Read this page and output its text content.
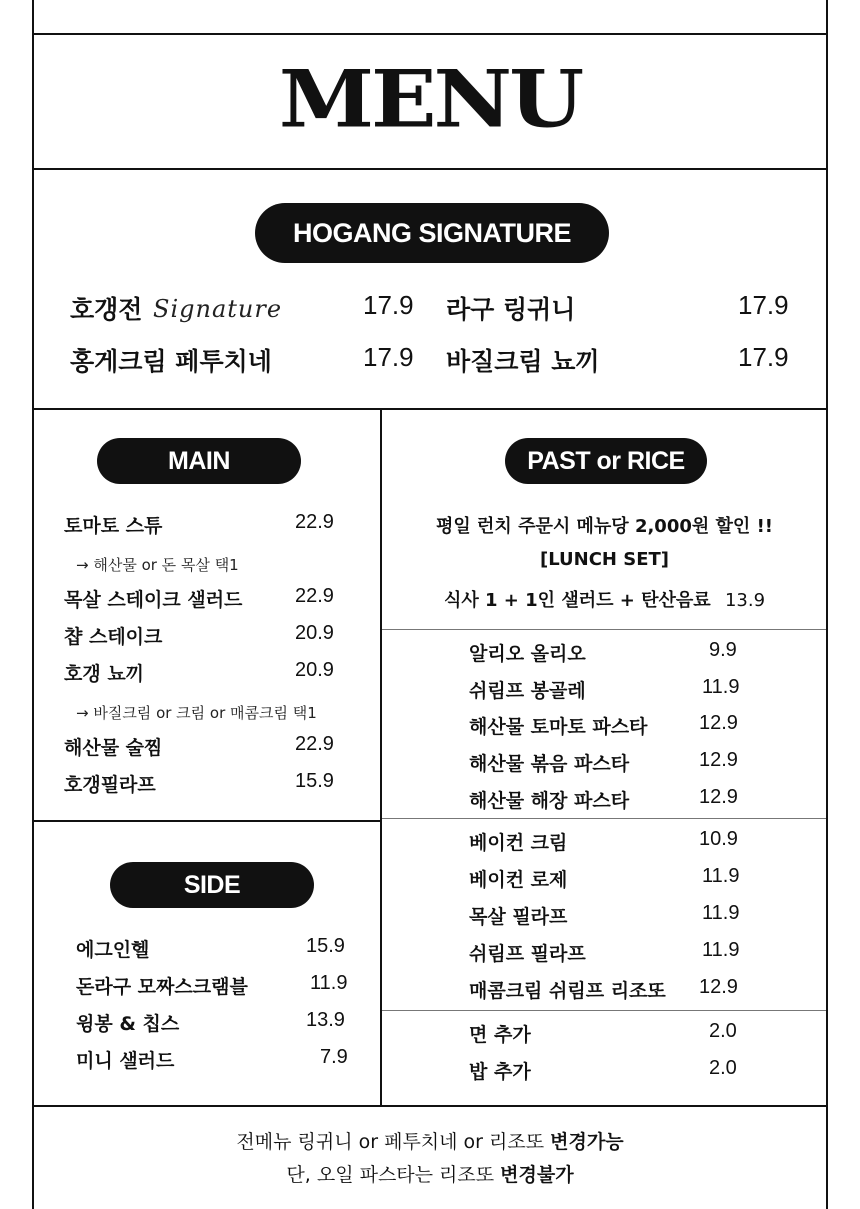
MENU
HOGANG SIGNATURE
호갱전 Signature	17.9 라구 링귀니	17.9
홍게크림 페투치네	17.9 바질크림 뇨끼	17.9
MAIN
토마토 스튜	22.9
→ 해산물 or 돈 목살 택1
목살 스테이크 샐러드	22.9
챱 스테이크	20.9
호갱 뇨끼	20.9
→ 바질크림 or 크림 or 매콤크림 택1
해산물 술찜	22.9
호갱필라프	15.9
SIDE
에그인헬	15.9
돈라구 모짜스크램블	11.9
윙봉 & 칩스	13.9
미니 샐러드	7.9
PAST or RICE
평일 런치 주문시 메뉴당 2,000원 할인 !!
[LUNCH SET]
식사 1 + 1인 샐러드 + 탄산음료 13.9
알리오 올리오	9.9
쉬림프 봉골레	11.9
해산물 토마토 파스타	12.9
해산물 볶음 파스타	12.9
해산물 해장 파스타	12.9
베이컨 크림	10.9
베이컨 로제	11.9
목살 필라프	11.9
쉬림프 필라프	11.9
매콤크림 쉬림프 리조또 12.9
면 추가	2.0
밥 추가	2.0
전메뉴 링귀니 or 페투치네 or 리조또 변경가능
단, 오일 파스타는 리조또 변경불가
